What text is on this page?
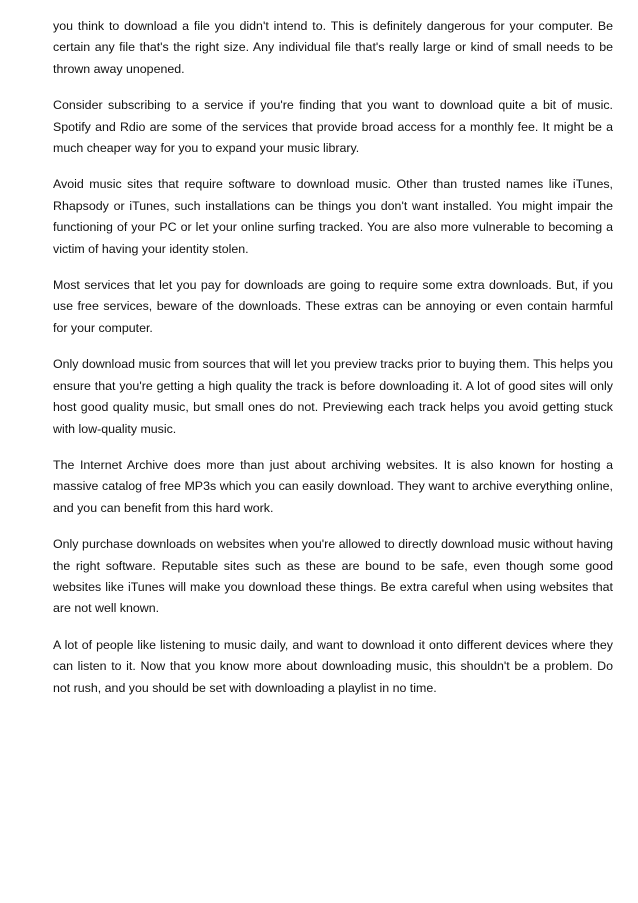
you think to download a file you didn't intend to. This is definitely dangerous for your computer. Be certain any file that's the right size. Any individual file that's really large or kind of small needs to be thrown away unopened.

Consider subscribing to a service if you're finding that you want to download quite a bit of music. Spotify and Rdio are some of the services that provide broad access for a monthly fee. It might be a much cheaper way for you to expand your music library.

Avoid music sites that require software to download music. Other than trusted names like iTunes, Rhapsody or iTunes, such installations can be things you don't want installed. You might impair the functioning of your PC or let your online surfing tracked. You are also more vulnerable to becoming a victim of having your identity stolen.

Most services that let you pay for downloads are going to require some extra downloads. But, if you use free services, beware of the downloads. These extras can be annoying or even contain harmful for your computer.

Only download music from sources that will let you preview tracks prior to buying them. This helps you ensure that you're getting a high quality the track is before downloading it. A lot of good sites will only host good quality music, but small ones do not. Previewing each track helps you avoid getting stuck with low-quality music.

The Internet Archive does more than just about archiving websites. It is also known for hosting a massive catalog of free MP3s which you can easily download. They want to archive everything online, and you can benefit from this hard work.

Only purchase downloads on websites when you're allowed to directly download music without having the right software. Reputable sites such as these are bound to be safe, even though some good websites like iTunes will make you download these things. Be extra careful when using websites that are not well known.

A lot of people like listening to music daily, and want to download it onto different devices where they can listen to it. Now that you know more about downloading music, this shouldn't be a problem. Do not rush, and you should be set with downloading a playlist in no time.
